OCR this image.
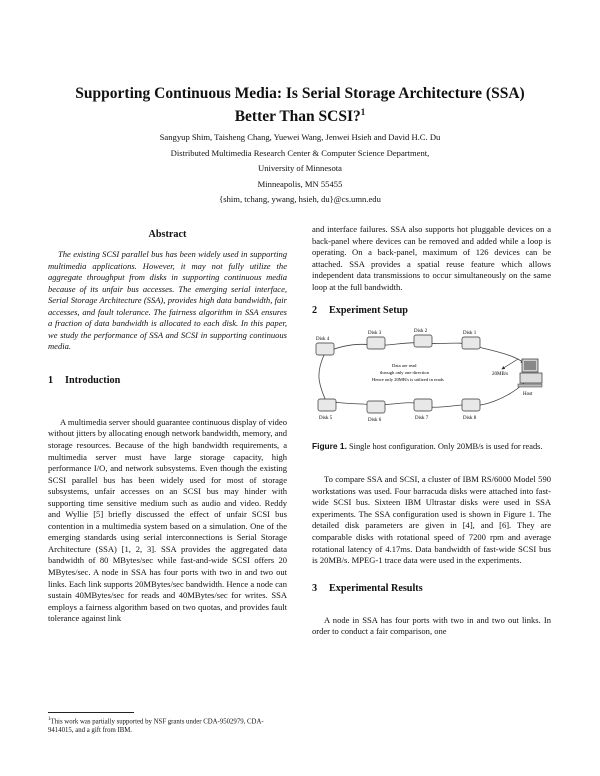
Supporting Continuous Media: Is Serial Storage Architecture (SSA)
Better Than SCSI?$^1$
Sangyup Shim, Taisheng Chang, Yuewei Wang, Jenwei Hsieh and David H.C. Du
Distributed Multimedia Research Center & Computer Science Department,
University of Minnesota
Minneapolis, MN 55455
{shim, tchang, ywang, hsieh, du}@cs.umn.edu
Abstract

The existing SCSI parallel bus has been widely used in supporting multimedia applications. However, it may not fully utilize the aggregate throughput from disks in supporting continuous media because of its unfair bus accesses. The emerging serial interface, Serial Storage Architecture (SSA), provides high data bandwidth, fair accesses, and fault tolerance. The fairness algorithm in SSA ensures a fraction of data bandwidth is allocated to each disk. In this paper, we study the performance of SSA and SCSI in supporting continuous media.

1 Introduction

A multimedia server should guarantee continuous display of video without jitters by allocating enough network bandwidth, memory, and storage resources. Because of the high bandwidth requirements, a multimedia server must have large storage capacity, high performance I/O, and network subsystems. Even though the existing SCSI parallel bus has been widely used for most of storage subsystems, unfair accesses on an SCSI bus may hinder with supporting time sensitive medium such as audio and video. Reddy and Wyllie [5] briefly discussed the effect of unfair SCSI bus contention in a multimedia system based on a simulation. One of the emerging standards using serial interconnections is Serial Storage Architecture (SSA) [1, 2, 3]. SSA provides the aggregated data bandwidth of 80 MBytes/sec while fast-and-wide SCSI offers 20 MBytes/sec. A node in SSA has four ports with two in and two out links. Each link supports 20MBytes/sec bandwidth. Hence a node can sustain 40MBytes/sec for reads and 40MBytes/sec for writes. SSA employs a fairness algorithm based on two quotas, and provides fault tolerance against link

$^1$This work was partially supported by NSF grants under CDA-9502979, CDA-9414015, and a gift from IBM.

and interface failures. SSA also supports hot pluggable devices on a back-panel where devices can be removed and added while a loop is operating. On a back-panel, maximum of 126 devices can be attached. SSA provides a spatial reuse feature which allows independent data transmissions to occur simultaneously on the same loop at the full bandwidth.

2 Experiment Setup
Disk 4
Disk 3	Disk 2	Disk 1
Disk 5	Disk 6	Disk 7	Disk 8
Data are read
through only one direction
Hence only 20MB/s is utilized in reads
20MB/s
Host
Figure 1. Single host configuration. Only 20MB/s is used for reads.

To compare SSA and SCSI, a cluster of IBM RS/6000 Model 590 workstations was used. Four barracuda disks were attached into fast-wide SCSI bus. Sixteen IBM Ultrastar disks were used in SSA experiments. The SSA configuration used is shown in Figure 1. The detailed disk parameters are given in [4], and [6]. They are comparable disks with rotational speed of 7200 rpm and average rotational latency of 4.17ms. Data bandwidth of fast-wide SCSI bus is 20MB/s. MPEG-1 trace data were used in the experiments.

3 Experimental Results

A node in SSA has four ports with two in and two out links. In order to conduct a fair comparison, one
